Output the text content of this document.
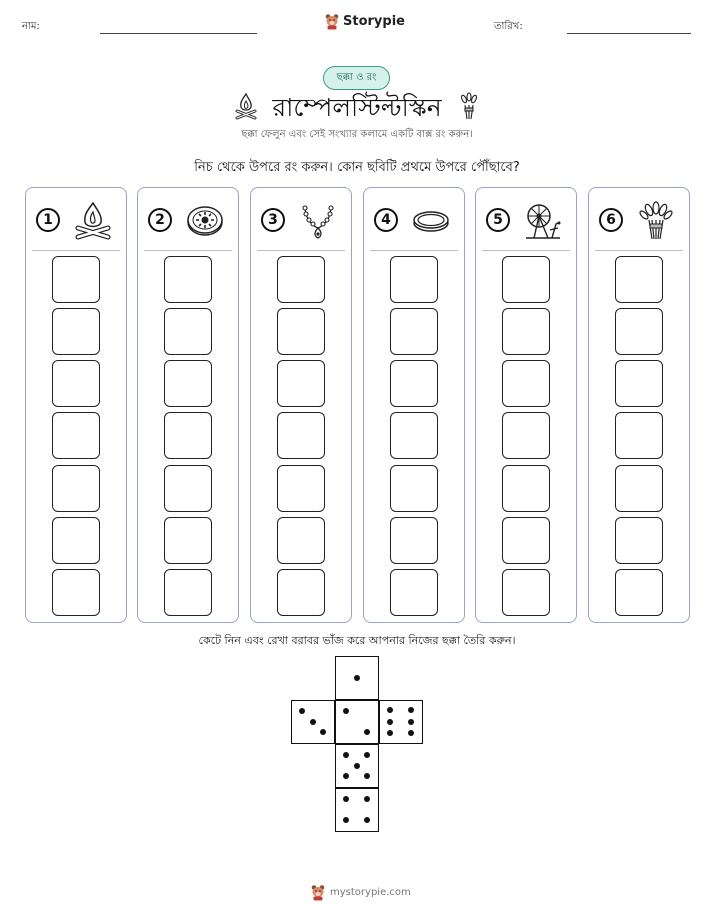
নাম:	Storypie	তারিখ:
ছক্কা ও রং
রাম্পেলস্টিল্টস্কিন
ছক্কা ফেলুন এবং সেই সংখ্যার কলামে একটি বাক্স রং করুন।
নিচ থেকে উপরে রং করুন। কোন ছবিটি প্রথমে উপরে পৌঁছাবে?
1	2	3	4	5	6
কেটে নিন এবং রেখা বরাবর ভাঁজ করে আপনার নিজের ছক্কা তৈরি করুন।
mystorypie.com
